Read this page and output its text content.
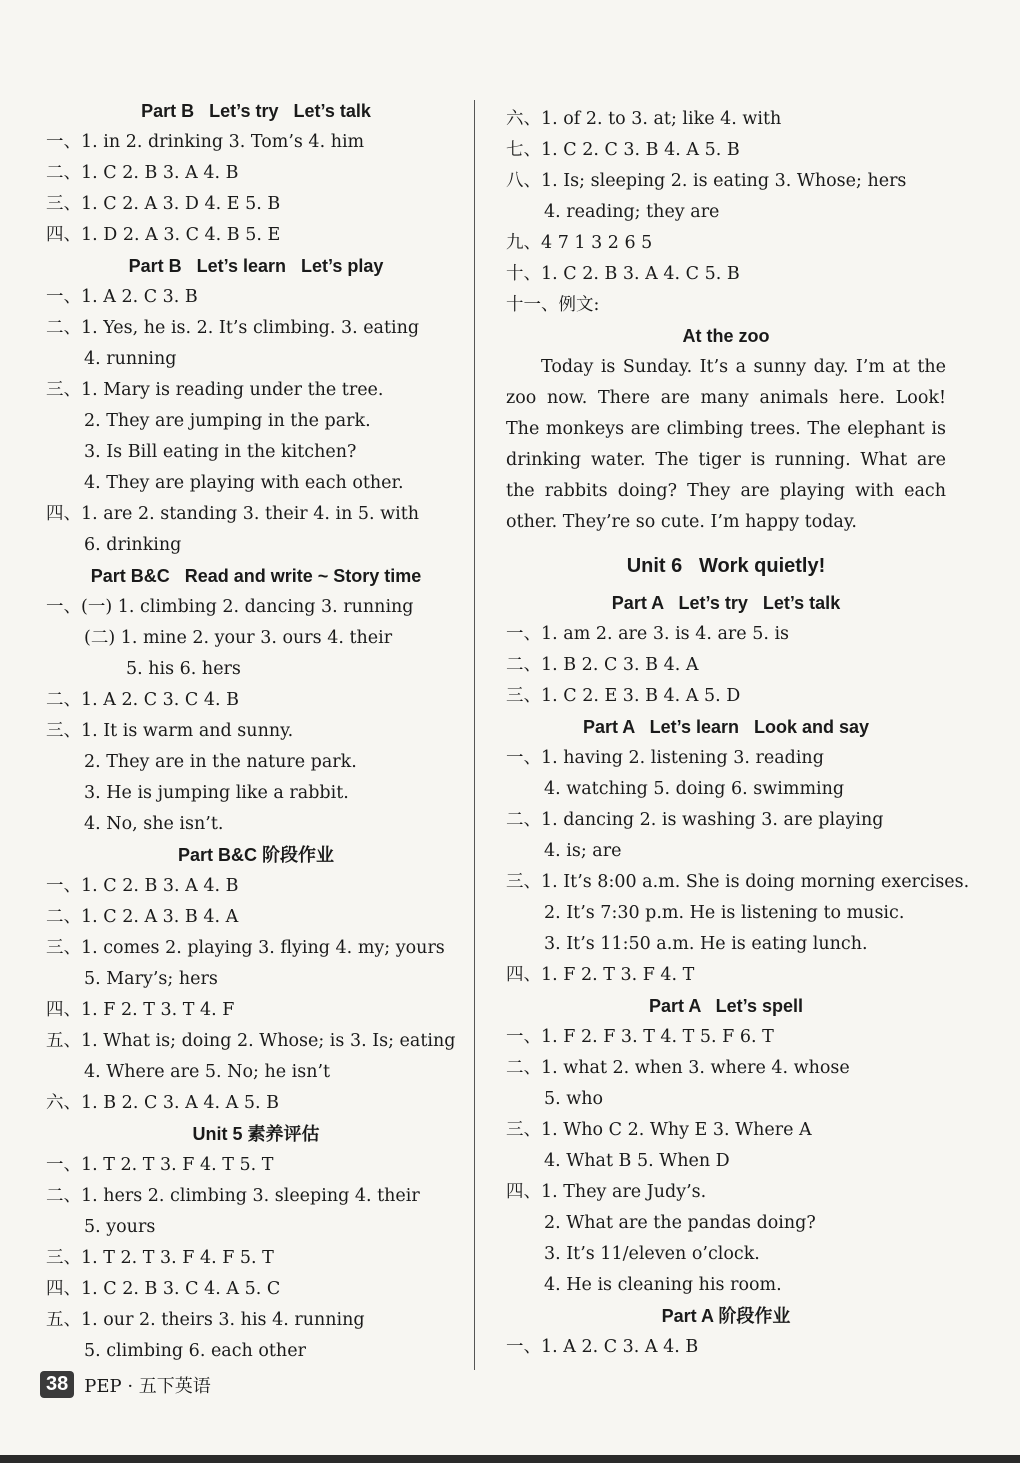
Part B   Let’s try   Let’s talk
一、1. in 2. drinking 3. Tom’s 4. him
二、1. C 2. B 3. A 4. B
三、1. C 2. A 3. D 4. E 5. B
四、1. D 2. A 3. C 4. B 5. E
Part B   Let’s learn   Let’s play
一、1. A 2. C 3. B
二、1. Yes, he is. 2. It’s climbing. 3. eating
4. running
三、1. Mary is reading under the tree.
2. They are jumping in the park.
3. Is Bill eating in the kitchen?
4. They are playing with each other.
四、1. are 2. standing 3. their 4. in 5. with
6. drinking
Part B&C   Read and write ~ Story time
一、(一) 1. climbing 2. dancing 3. running
(二) 1. mine 2. your 3. ours 4. their
5. his 6. hers
二、1. A 2. C 3. C 4. B
三、1. It is warm and sunny.
2. They are in the nature park.
3. He is jumping like a rabbit.
4. No, she isn’t.
Part B&C 阶段作业
一、1. C 2. B 3. A 4. B
二、1. C 2. A 3. B 4. A
三、1. comes 2. playing 3. flying 4. my; yours
5. Mary’s; hers
四、1. F 2. T 3. T 4. F
五、1. What is; doing 2. Whose; is 3. Is; eating
4. Where are 5. No; he isn’t
六、1. B 2. C 3. A 4. A 5. B
Unit 5 素养评估
一、1. T 2. T 3. F 4. T 5. T
二、1. hers 2. climbing 3. sleeping 4. their
5. yours
三、1. T 2. T 3. F 4. F 5. T
四、1. C 2. B 3. C 4. A 5. C
五、1. our 2. theirs 3. his 4. running
5. climbing 6. each other
六、1. of 2. to 3. at; like 4. with
七、1. C 2. C 3. B 4. A 5. B
八、1. Is; sleeping 2. is eating 3. Whose; hers
4. reading; they are
九、4 7 1 3 2 6 5
十、1. C 2. B 3. A 4. C 5. B
十一、例文:
At the zoo

Today is Sunday. It’s a sunny day. I’m at the zoo now. There are many animals here. Look! The monkeys are climbing trees. The elephant is drinking water. The tiger is running. What are the rabbits doing? They are playing with each other. They’re so cute. I’m happy today.

Unit 6   Work quietly!
Part A   Let’s try   Let’s talk
一、1. am 2. are 3. is 4. are 5. is
二、1. B 2. C 3. B 4. A
三、1. C 2. E 3. B 4. A 5. D
Part A   Let’s learn   Look and say
一、1. having 2. listening 3. reading
4. watching 5. doing 6. swimming
二、1. dancing 2. is washing 3. are playing
4. is; are
三、1. It’s 8:00 a.m. She is doing morning exercises.
2. It’s 7:30 p.m. He is listening to music.
3. It’s 11:50 a.m. He is eating lunch.
四、1. F 2. T 3. F 4. T
Part A   Let’s spell
一、1. F 2. F 3. T 4. T 5. F 6. T
二、1. what 2. when 3. where 4. whose
5. who
三、1. Who C 2. Why E 3. Where A
4. What B 5. When D
四、1. They are Judy’s.
2. What are the pandas doing?
3. It’s 11/eleven o’clock.
4. He is cleaning his room.
Part A 阶段作业
一、1. A 2. C 3. A 4. B
38 PEP · 五下英语
